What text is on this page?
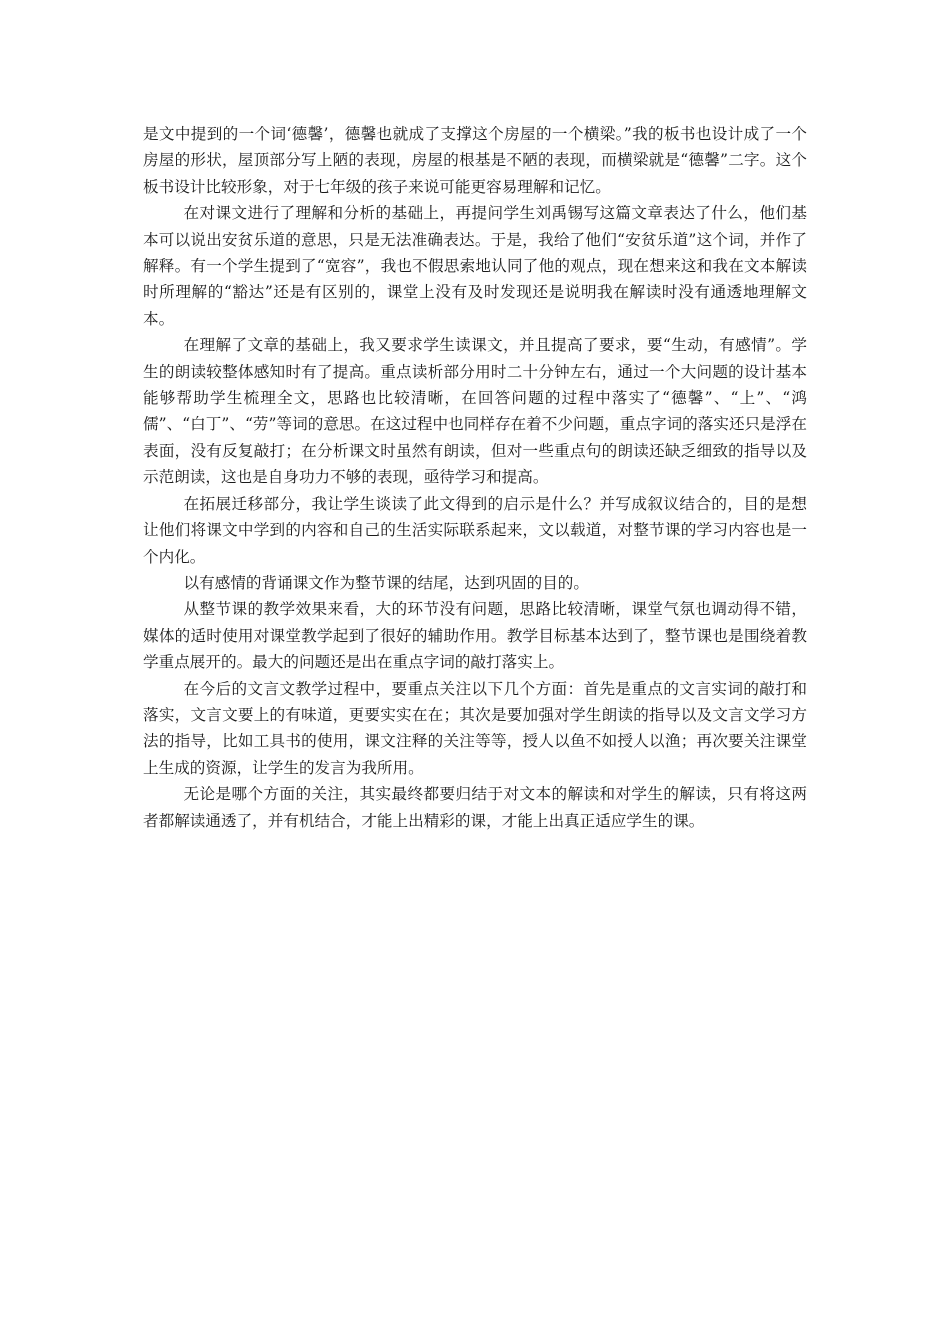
是文中提到的一个词‘德馨’，德馨也就成了支撑这个房屋的一个横梁。”我的板书也设计成了一个房屋的形状，屋顶部分写上陋的表现，房屋的根基是不陋的表现，而横梁就是“德馨”二字。这个板书设计比较形象，对于七年级的孩子来说可能更容易理解和记忆。

在对课文进行了理解和分析的基础上，再提问学生刘禹锡写这篇文章表达了什么，他们基本可以说出安贫乐道的意思，只是无法准确表达。于是，我给了他们“安贫乐道”这个词，并作了解释。有一个学生提到了“宽容”，我也不假思索地认同了他的观点，现在想来这和我在文本解读时所理解的“豁达”还是有区别的，课堂上没有及时发现还是说明我在解读时没有通透地理解文本。

在理解了文章的基础上，我又要求学生读课文，并且提高了要求，要“生动，有感情”。学生的朗读较整体感知时有了提高。重点读析部分用时二十分钟左右，通过一个大问题的设计基本能够帮助学生梳理全文，思路也比较清晰，在回答问题的过程中落实了“德馨”、“上”、“鸿儒”、“白丁”、“劳”等词的意思。在这过程中也同样存在着不少问题，重点字词的落实还只是浮在表面，没有反复敲打；在分析课文时虽然有朗读，但对一些重点句的朗读还缺乏细致的指导以及示范朗读，这也是自身功力不够的表现，亟待学习和提高。

在拓展迁移部分，我让学生谈读了此文得到的启示是什么？并写成叙议结合的，目的是想让他们将课文中学到的内容和自己的生活实际联系起来，文以载道，对整节课的学习内容也是一个内化。

以有感情的背诵课文作为整节课的结尾，达到巩固的目的。

从整节课的教学效果来看，大的环节没有问题，思路比较清晰，课堂气氛也调动得不错，媒体的适时使用对课堂教学起到了很好的辅助作用。教学目标基本达到了，整节课也是围绕着教学重点展开的。最大的问题还是出在重点字词的敲打落实上。

在今后的文言文教学过程中，要重点关注以下几个方面：首先是重点的文言实词的敲打和落实，文言文要上的有味道，更要实实在在；其次是要加强对学生朗读的指导以及文言文学习方法的指导，比如工具书的使用，课文注释的关注等等，授人以鱼不如授人以渔；再次要关注课堂上生成的资源，让学生的发言为我所用。

无论是哪个方面的关注，其实最终都要归结于对文本的解读和对学生的解读，只有将这两者都解读通透了，并有机结合，才能上出精彩的课，才能上出真正适应学生的课。
